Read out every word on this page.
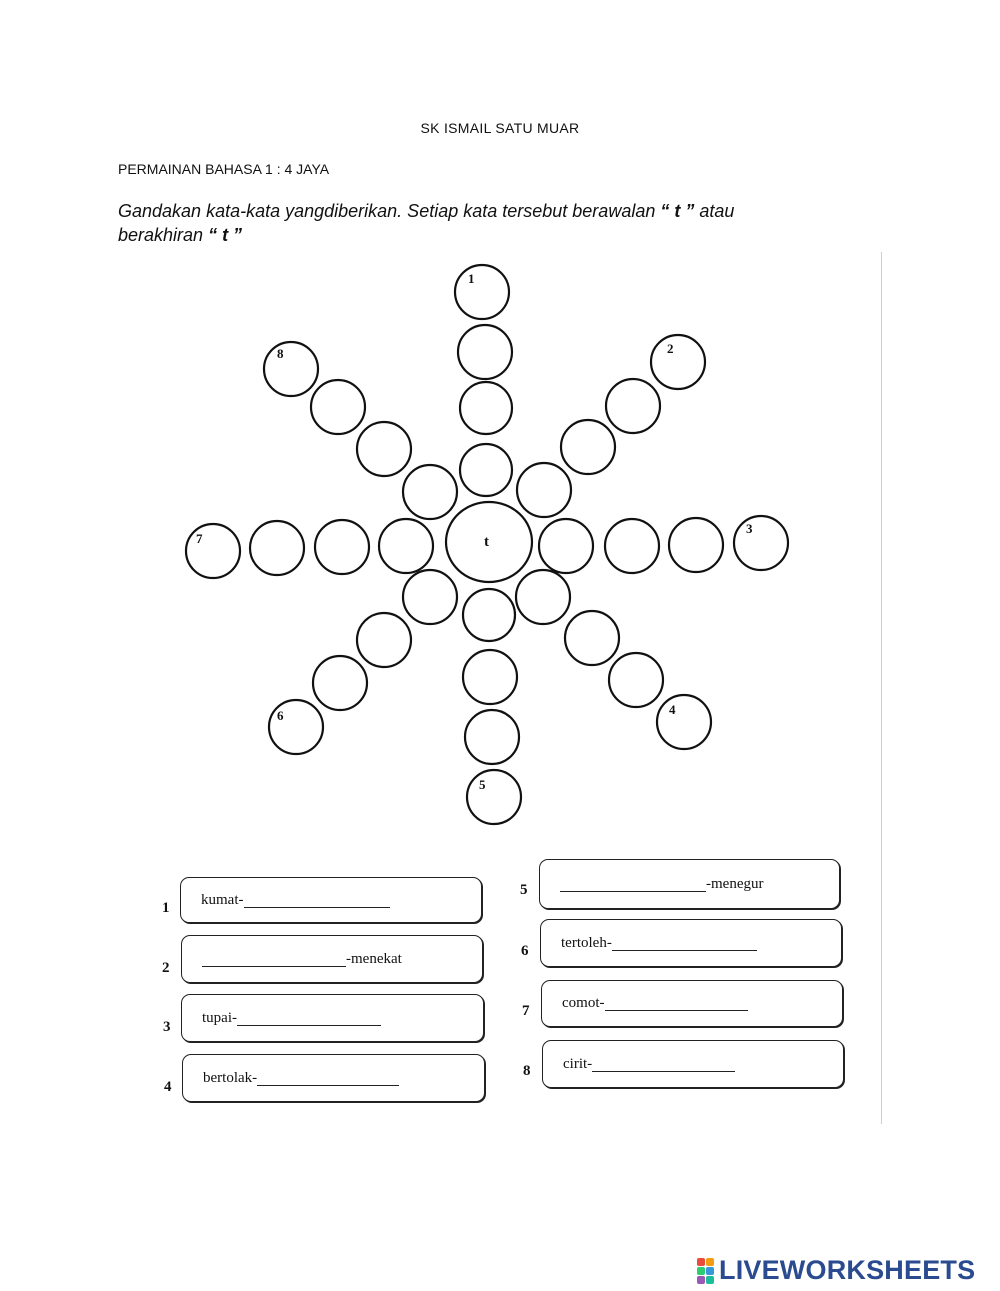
SK ISMAIL SATU MUAR
PERMAINAN BAHASA 1 : 4 JAYA
Gandakan kata-kata yangdiberikan. Setiap kata tersebut berawalan “ t ” atau berakhiran “ t ”
t
1
2
3
4
5
6
7
8
1
kumat-
2
-menekat
3
tupai-
4
bertolak-
5	-menegur
6
tertoleh-
7 comot-
8 cirit-
LIVEWORKSHEETS
